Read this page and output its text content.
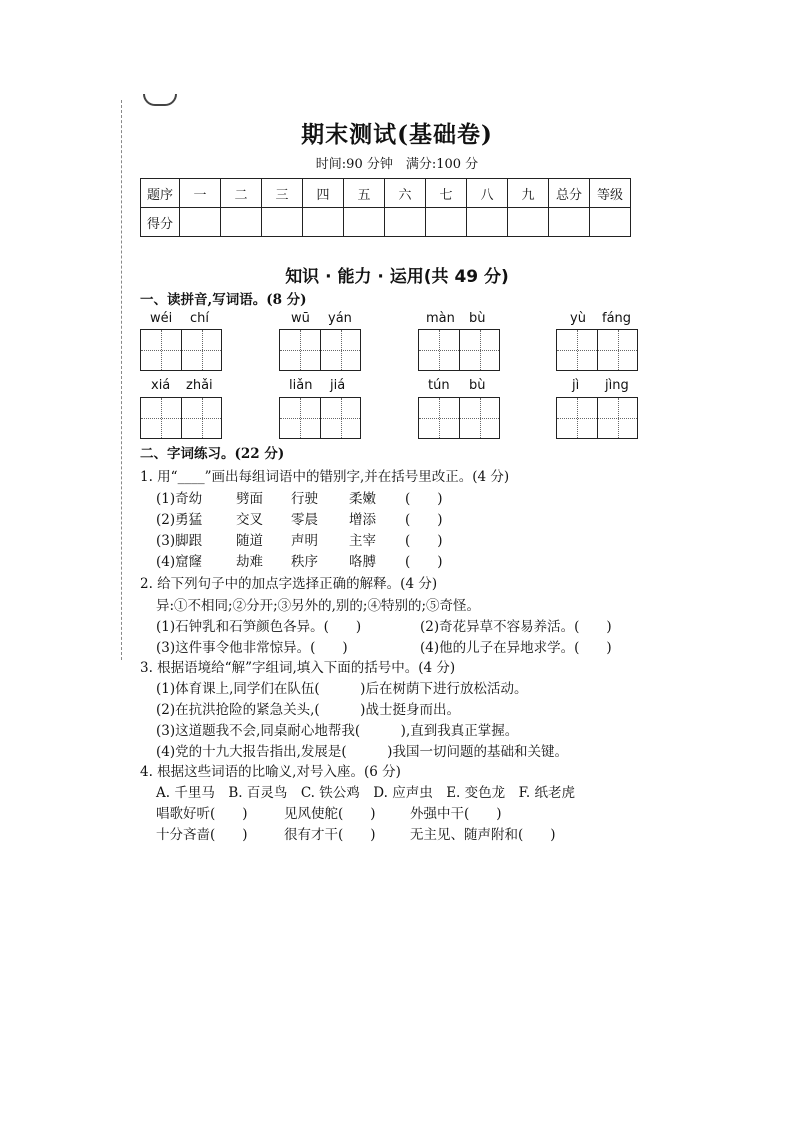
期末测试(基础卷)
时间:90 分钟　满分:100 分
题序	一	二	三	四	五	六	七	八	九	总分	等级
得分											
知识 · 能力 · 运用(共 49 分)
一、读拼音,写词语。(8 分)
wéi chí	wū yán	màn bù	yù fáng
xiá zhǎi	liǎn jiá	tún bù	jì jìng
二、字词练习。(22 分)
1. 用“____”画出每组词语中的错别字,并在括号里改正。(4 分)
(1)奇幼	劈面 行驶 柔嫩 (　　)
(2)勇猛	交叉 零晨 增添 (　　)
(3)脚跟	随道 声明 主宰 (　　)
(4)窟窿	劫难 秩序 咯膊 (　　)
2. 给下列句子中的加点字选择正确的解释。(4 分)
异:①不相同;②分开;③另外的,别的;④特别的;⑤奇怪。
(1)石钟乳和石笋颜色各异。(　　)	(2)奇花异草不容易养活。(　　)
(3)这件事令他非常惊异。(　　)	(4)他的儿子在异地求学。(　　)
3. 根据语境给“解”字组词,填入下面的括号中。(4 分)
(1)体育课上,同学们在队伍(　　　)后在树荫下进行放松活动。
(2)在抗洪抢险的紧急关头,(　　　)战士挺身而出。
(3)这道题我不会,同桌耐心地帮我(　　　),直到我真正掌握。
(4)党的十九大报告指出,发展是(　　　)我国一切问题的基础和关键。
4. 根据这些词语的比喻义,对号入座。(6 分)
A. 千里马　B. 百灵鸟　C. 铁公鸡　D. 应声虫　E. 变色龙　F. 纸老虎
唱歌好听(　　)	见风使舵(　　)	外强中干(　　)
十分吝啬(　　)	很有才干(　　)	无主见、随声附和(　　)
